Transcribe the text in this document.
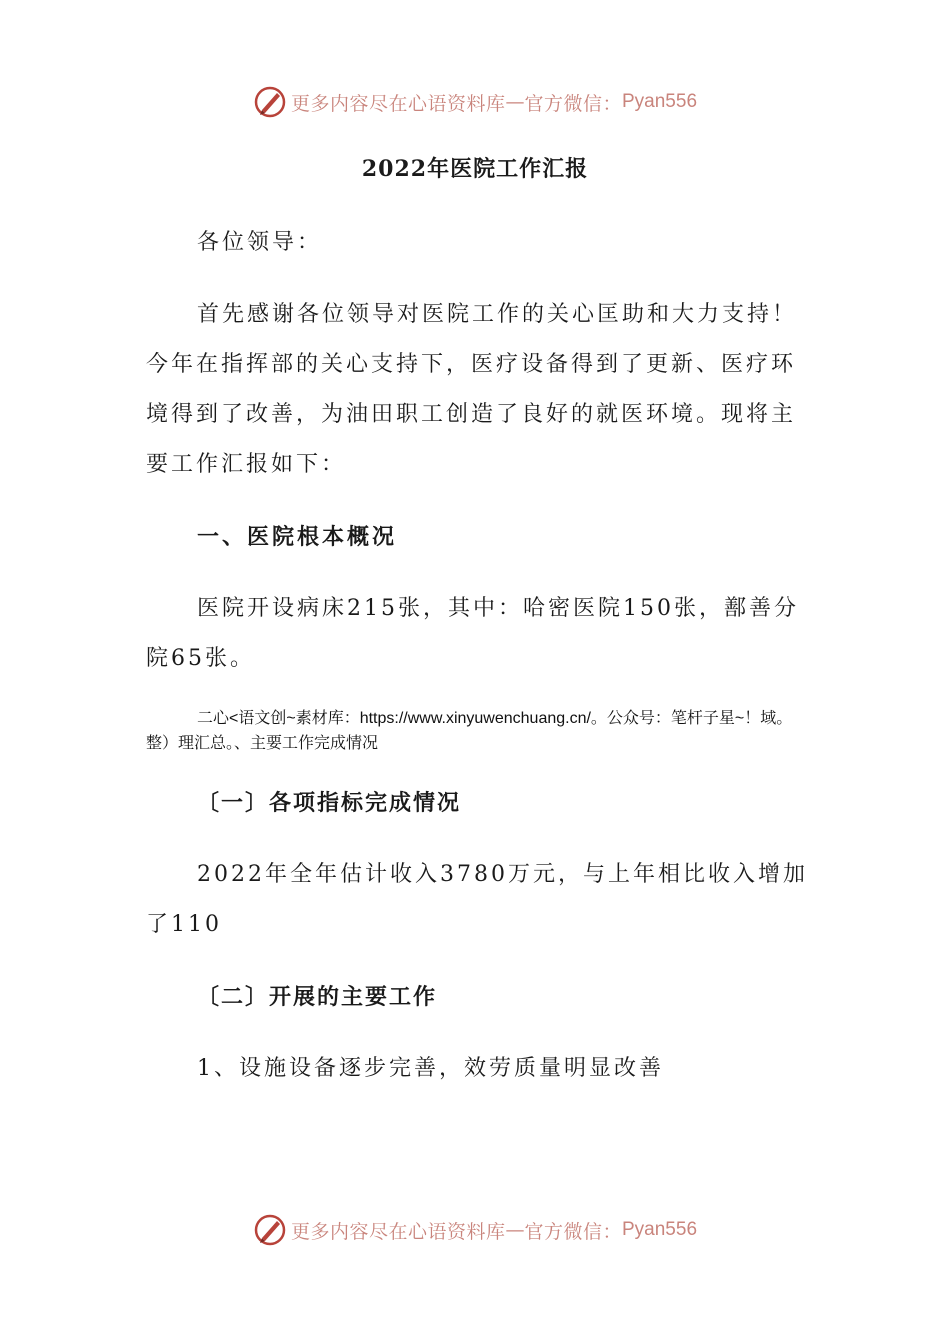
更多内容尽在心语资料库 — 官方微信： Pyan556
2022年医院工作汇报
各位领导：
首先感谢各位领导对医院工作的关心匡助和大力支持！今年在指挥部的关心支持下，医疗设备得到了更新、医疗环境得到了改善，为油田职工创造了良好的就医环境。现将主要工作汇报如下：
一、医院根本概况
医院开设病床215张，其中：哈密医院150张，鄯善分院65张。
二心<语文创~素材库：https://www.xinyuwenchuang.cn/。公众号：笔杆子星~！域。整）理汇总。、主要工作完成情况
〔一〕各项指标完成情况
2022年全年估计收入3780万元，与上年相比收入增加了110
〔二〕开展的主要工作
1、设施设备逐步完善，效劳质量明显改善
更多内容尽在心语资料库 — 官方微信： Pyan556
